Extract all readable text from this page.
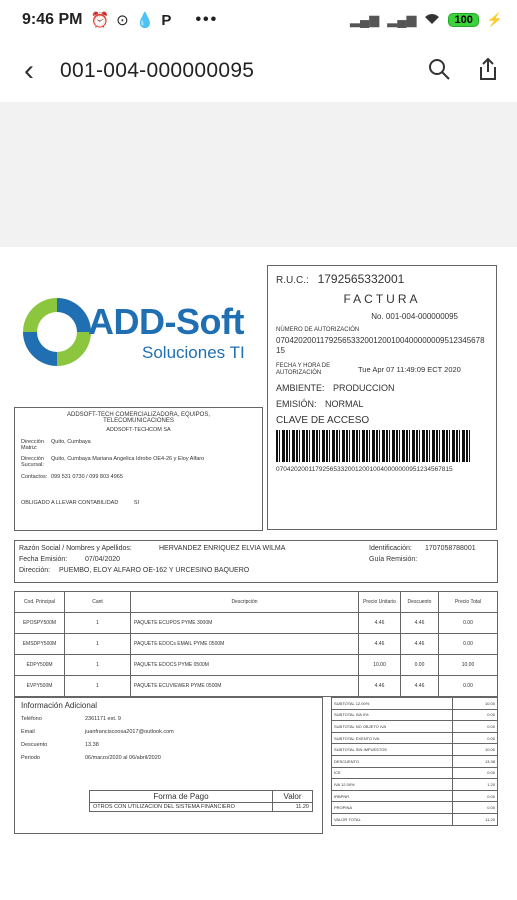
9:46 PM ⏰ ⊙ 💧 P •••	▂▄▆ ▂▄▆	100	⚡
‹	001-004-000000095
ADD-Soft
Soluciones TI
R.U.C.: 1792565332001
FACTURA
No. 001-004-000000095
NÚMERO DE AUTORIZACIÓN
0704202001179256533200120010040000000951234567815
FECHA Y HORA DE AUTORIZACIÓN	Tue Apr 07 11:49:09 ECT 2020
AMBIENTE: PRODUCCION
EMISIÓN: NORMAL
CLAVE DE ACCESO
0704202001179256533200120010040000000951234567815
ADDSOFT-TECH COMERCIALIZADORA, EQUIPOS, TELECOMUNICACIONES
ADDSOFT-TECHCOM SA
Dirección Matriz:
Quito, Cumbaya
Dirección Sucursal:
Quito, Cumbaya Mariana Angelica Idrobo OE4-26 y Eloy Alfaro
Contactos: 099 531 0730 / 099 803 4965
OBLIGADO A LLEVAR CONTABILIDAD	SI
Razón Social / Nombres y Apellidos:	HERVANDEZ ENRIQUEZ ELVIA WILMA	Identificación:	1707058788001
Fecha Emisión:	07/04/2020	Guía Remisión:
Dirección:	PUEMBO, ELOY ALFARO OE-162 Y URCESINO BAQUERO
Cod. Principal	Cant	Descripción	Precio Unitario	Descuento	Precio Total
EPOSPY500M	1	PAQUETE ECUPOS PYME 3000M	4.46	4.46	0.00
EMSDPY500M	1	PAQUETE EDOCs EMAIL PYME 0500M	4.46	4.46	0.00
EDPY500M	1	PAQUETE EDOCS PYME 0500M	10.00	0.00	10.00
EVPY500M	1	PAQUETE ECUVIEWER PYME 0500M	4.46	4.46	0.00
Información Adicional
Teléfono	2361171 ext. 9
Email	juanfranciscoosa2017@outlook.com
Descuento	13.38
Periodo	06/marzo/2020 al 06/abril/2020
Forma de Pago	Valor
OTROS CON UTILIZACION DEL SISTEMA FINANCIERO	11.20
SUBTOTAL 12.00%	10.00
SUBTOTAL IVA 0%	0.00
SUBTOTAL NO OBJETO IVA	0.00
SUBTOTAL EXENTO IVA	0.00
SUBTOTAL SIN IMPUESTOS	10.00
DESCUENTO	13.38
ICE	0.00
IVA 12.00%	1.20
IRBPNR	0.00
PROPINA	0.00
VALOR TOTAL	11.20
